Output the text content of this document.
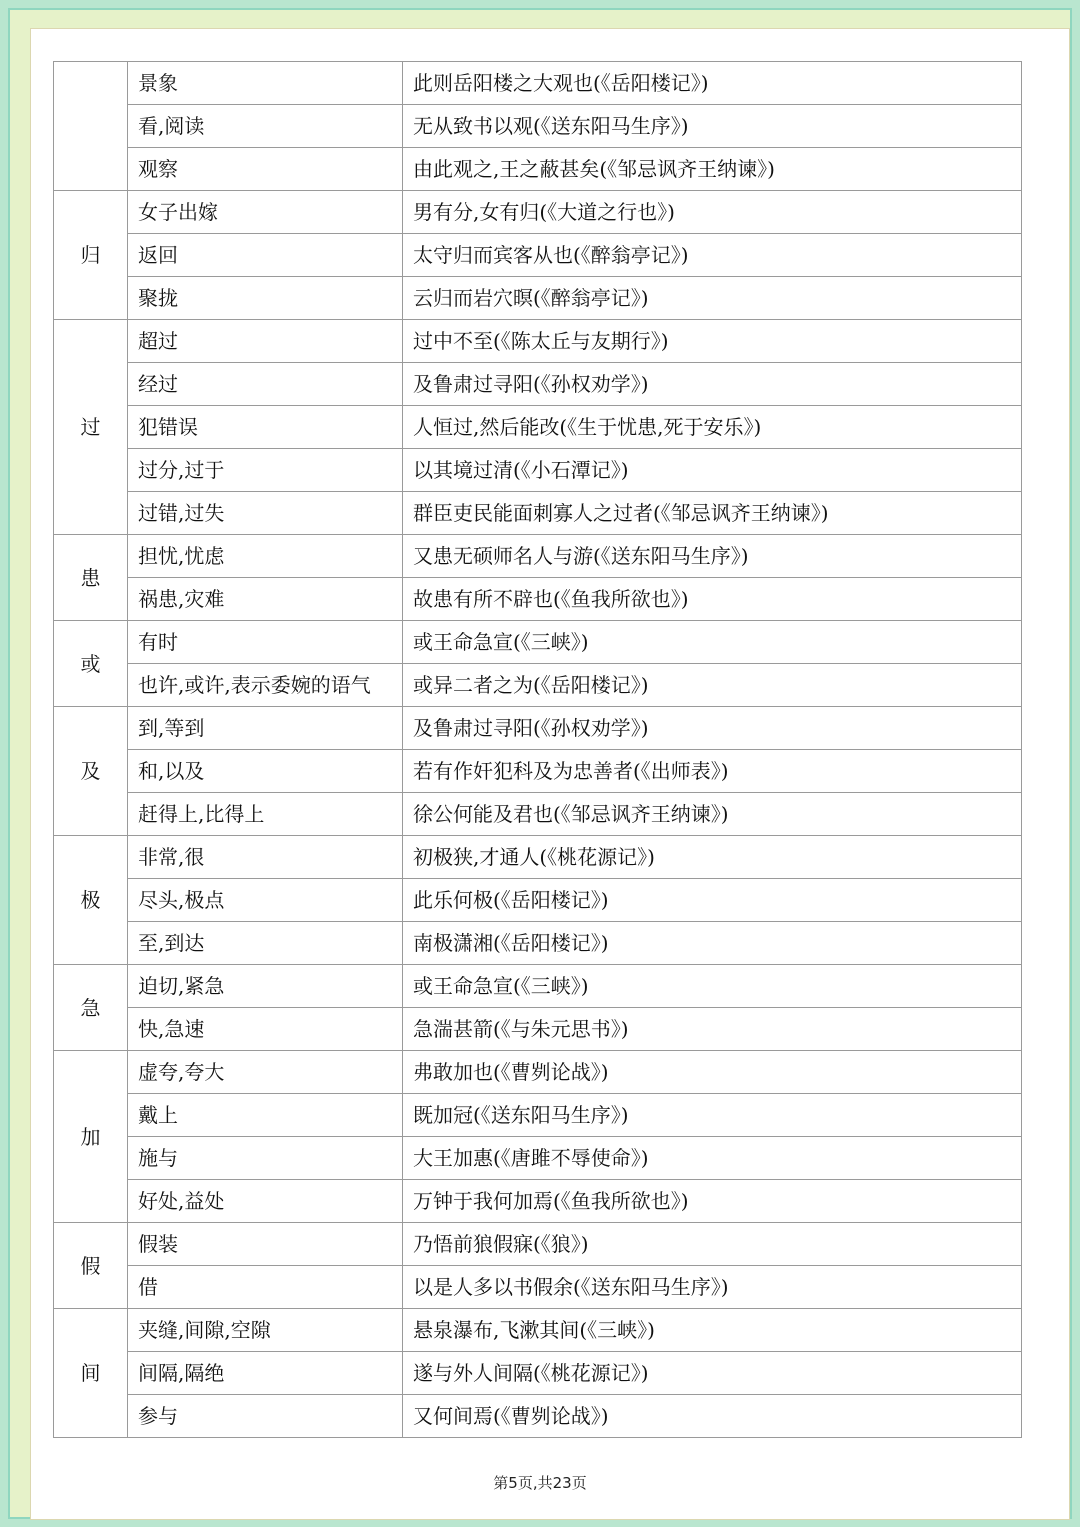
	景象	此则岳阳楼之大观也(《岳阳楼记》)
	看,阅读	无从致书以观(《送东阳马生序》)
	观察	由此观之,王之蔽甚矣(《邹忌讽齐王纳谏》)
归	女子出嫁	男有分,女有归(《大道之行也》)
	返回	太守归而宾客从也(《醉翁亭记》)
	聚拢	云归而岩穴暝(《醉翁亭记》)
过	超过	过中不至(《陈太丘与友期行》)
	经过	及鲁肃过寻阳(《孙权劝学》)
	犯错误	人恒过,然后能改(《生于忧患,死于安乐》)
	过分,过于	以其境过清(《小石潭记》)
	过错,过失	群臣吏民能面刺寡人之过者(《邹忌讽齐王纳谏》)
患	担忧,忧虑	又患无硕师名人与游(《送东阳马生序》)
	祸患,灾难	故患有所不辟也(《鱼我所欲也》)
或	有时	或王命急宣(《三峡》)
	也许,或许,表示委婉的语气	或异二者之为(《岳阳楼记》)
及	到,等到	及鲁肃过寻阳(《孙权劝学》)
	和,以及	若有作奸犯科及为忠善者(《出师表》)
	赶得上,比得上	徐公何能及君也(《邹忌讽齐王纳谏》)
极	非常,很	初极狭,才通人(《桃花源记》)
	尽头,极点	此乐何极(《岳阳楼记》)
	至,到达	南极潇湘(《岳阳楼记》)
急	迫切,紧急	或王命急宣(《三峡》)
	快,急速	急湍甚箭(《与朱元思书》)
加	虚夸,夸大	弗敢加也(《曹刿论战》)
	戴上	既加冠(《送东阳马生序》)
	施与	大王加惠(《唐雎不辱使命》)
	好处,益处	万钟于我何加焉(《鱼我所欲也》)
假	假装	乃悟前狼假寐(《狼》)
	借	以是人多以书假余(《送东阳马生序》)
间	夹缝,间隙,空隙	悬泉瀑布,飞漱其间(《三峡》)
	间隔,隔绝	遂与外人间隔(《桃花源记》)
	参与	又何间焉(《曹刿论战》)
第5页,共23页
